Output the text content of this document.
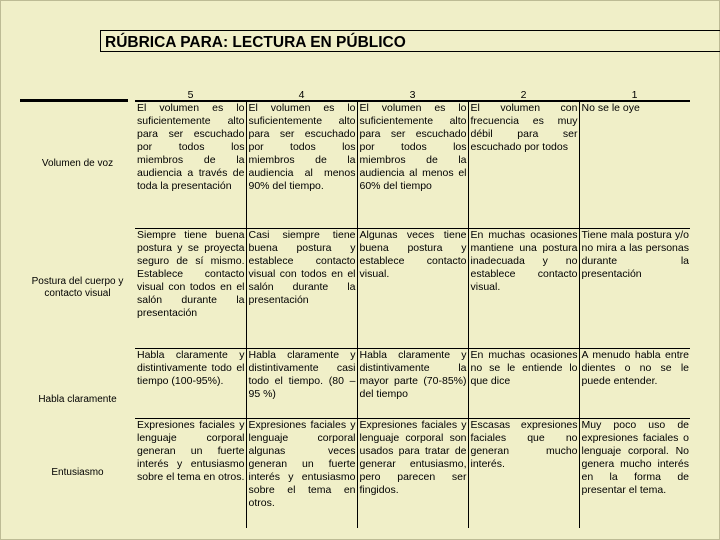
RÚBRICA PARA: LECTURA EN PÚBLICO
	5	4	3	2	1
Volumen de voz	El volumen es lo suficientemente alto para ser escuchado por todos los miembros de la audiencia a través de toda la presentación	El volumen es lo suficientemente alto para ser escuchado por todos los miembros de la audiencia al menos 90% del tiempo.	El volumen es lo suficientemente alto para ser escuchado por todos los miembros de la audiencia al menos el 60% del tiempo	El volumen con frecuencia es muy débil para ser escuchado por todos	No se le oye
Postura del cuerpo y contacto visual	Siempre tiene buena postura y se proyecta seguro de sí mismo. Establece contacto visual con todos en el salón durante la presentación	Casi siempre tiene buena postura y establece contacto visual con todos en el salón durante la presentación	Algunas veces tiene buena postura y establece contacto visual.	En muchas ocasiones mantiene una postura inadecuada y no establece contacto visual.	Tiene mala postura y/o no mira a las personas durante la presentación
Habla claramente	Habla claramente y distintivamente todo el tiempo (100-95%).	Habla claramente y distintivamente casi todo el tiempo. (80 – 95 %)	Habla claramente y distintivamente la mayor parte (70-85%) del tiempo	En muchas ocasiones no se le entiende lo que dice	A menudo habla entre dientes o no se le puede entender.
Entusiasmo	Expresiones faciales y lenguaje corporal generan un fuerte interés y entusiasmo sobre el tema en otros.	Expresiones faciales y lenguaje corporal algunas veces generan un fuerte interés y entusiasmo sobre el tema en otros.	Expresiones faciales y lenguaje corporal son usados para tratar de generar entusiasmo, pero parecen ser fingidos.	Escasas expresiones faciales que no generan mucho interés.	Muy poco uso de expresiones faciales o lenguaje corporal. No genera mucho interés en la forma de presentar el tema.
